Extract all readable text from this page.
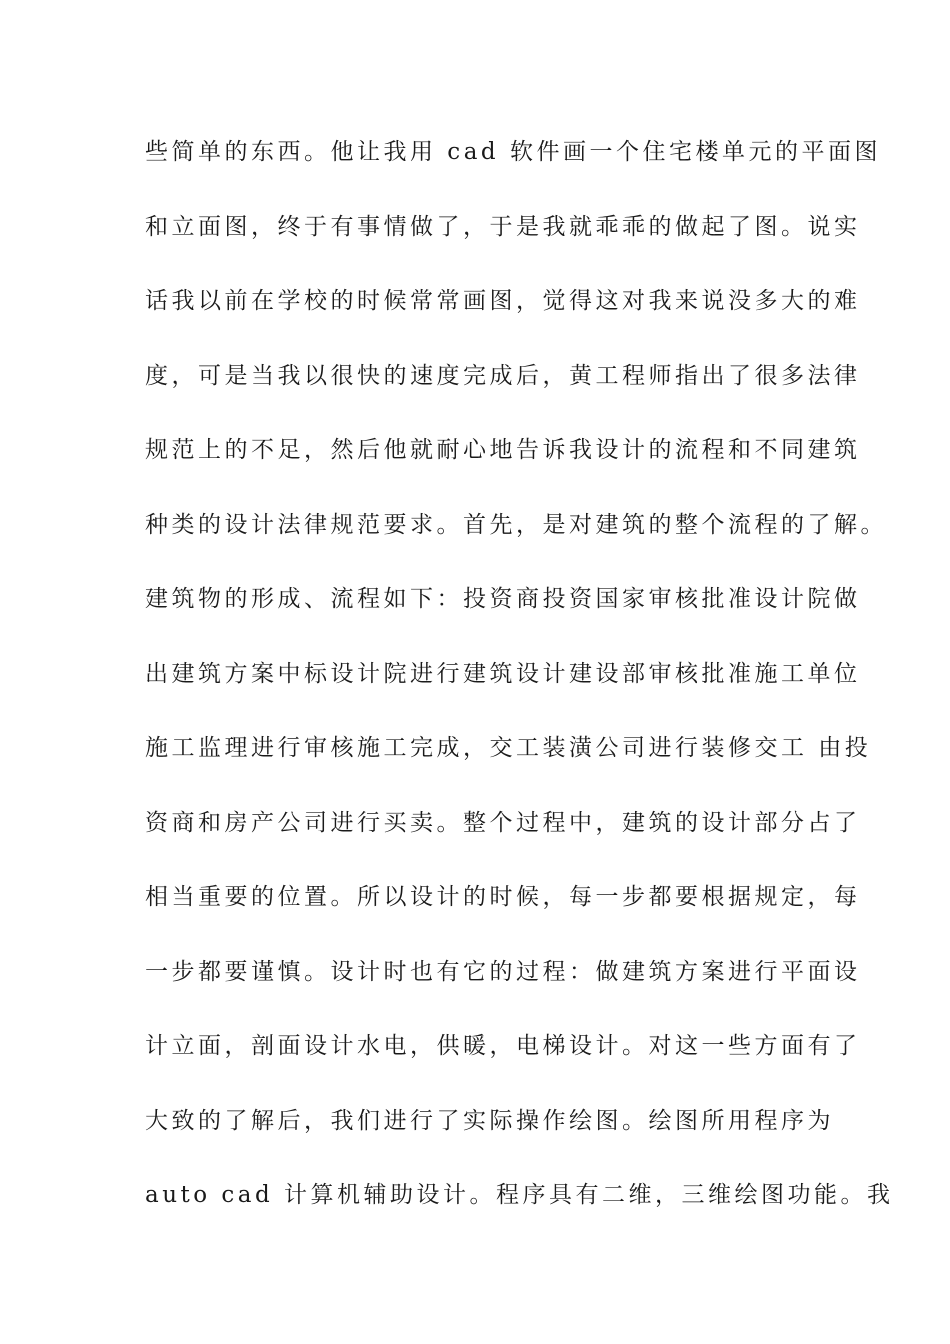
些简单的东西。他让我用 cad 软件画一个住宅楼单元的平面图
和立面图，终于有事情做了，于是我就乖乖的做起了图。说实
话我以前在学校的时候常常画图，觉得这对我来说没多大的难
度，可是当我以很快的速度完成后，黄工程师指出了很多法律
规范上的不足，然后他就耐心地告诉我设计的流程和不同建筑
种类的设计法律规范要求。首先，是对建筑的整个流程的了解。
建筑物的形成、流程如下：投资商投资国家审核批准设计院做
出建筑方案中标设计院进行建筑设计建设部审核批准施工单位
施工监理进行审核施工完成，交工装潢公司进行装修交工 由投
资商和房产公司进行买卖。整个过程中，建筑的设计部分占了
相当重要的位置。所以设计的时候，每一步都要根据规定，每
一步都要谨慎。设计时也有它的过程：做建筑方案进行平面设
计立面，剖面设计水电，供暖，电梯设计。对这一些方面有了
大致的了解后，我们进行了实际操作绘图。绘图所用程序为
auto cad 计算机辅助设计。程序具有二维，三维绘图功能。我
